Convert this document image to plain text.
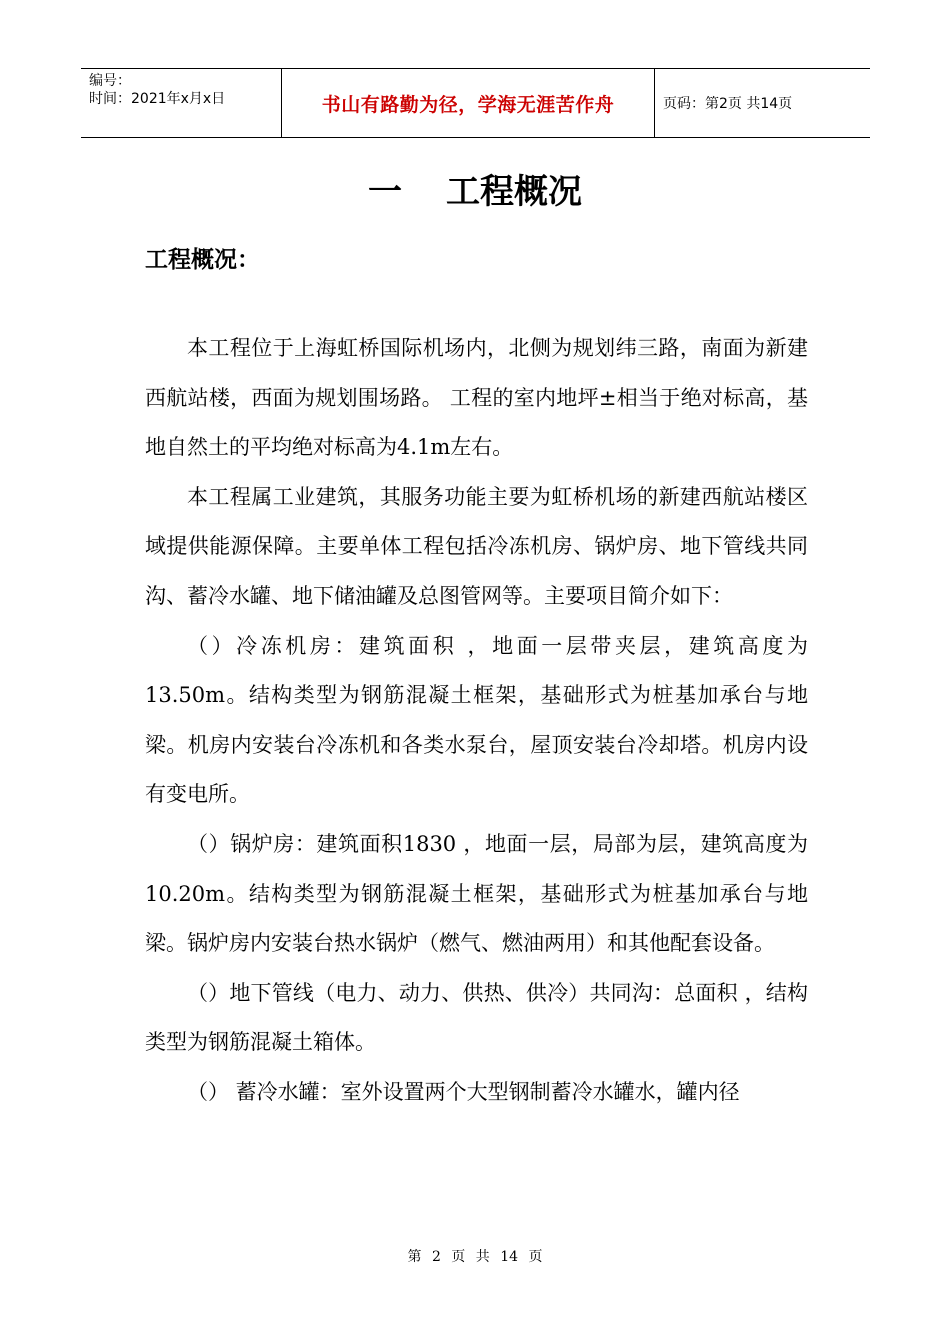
编号：
时间：2021年x月x日	书山有路勤为径，学海无涯苦作舟	页码：第2页 共14页
一 工程概况
工程概况：

本工程位于上海虹桥国际机场内，北侧为规划纬三路，南面为新建西航站楼，西面为规划围场路。 工程的室内地坪±相当于绝对标高，基地自然土的平均绝对标高为4.1m左右。

本工程属工业建筑，其服务功能主要为虹桥机场的新建西航站楼区域提供能源保障。主要单体工程包括冷冻机房、锅炉房、地下管线共同沟、蓄冷水罐、地下储油罐及总图管网等。主要项目简介如下：

（）冷冻机房：建筑面积 ，地面一层带夹层，建筑高度为13.50m。结构类型为钢筋混凝土框架，基础形式为桩基加承台与地梁。机房内安装台冷冻机和各类水泵台，屋顶安装台冷却塔。机房内设有变电所。

（）锅炉房：建筑面积1830 ，地面一层，局部为层，建筑高度为10.20m。结构类型为钢筋混凝土框架，基础形式为桩基加承台与地梁。锅炉房内安装台热水锅炉（燃气、燃油两用）和其他配套设备。

（）地下管线（电力、动力、供热、供冷）共同沟：总面积 ，结构类型为钢筋混凝土箱体。

（） 蓄冷水罐：室外设置两个大型钢制蓄冷水罐水，罐内径

第 2 页 共 14 页
